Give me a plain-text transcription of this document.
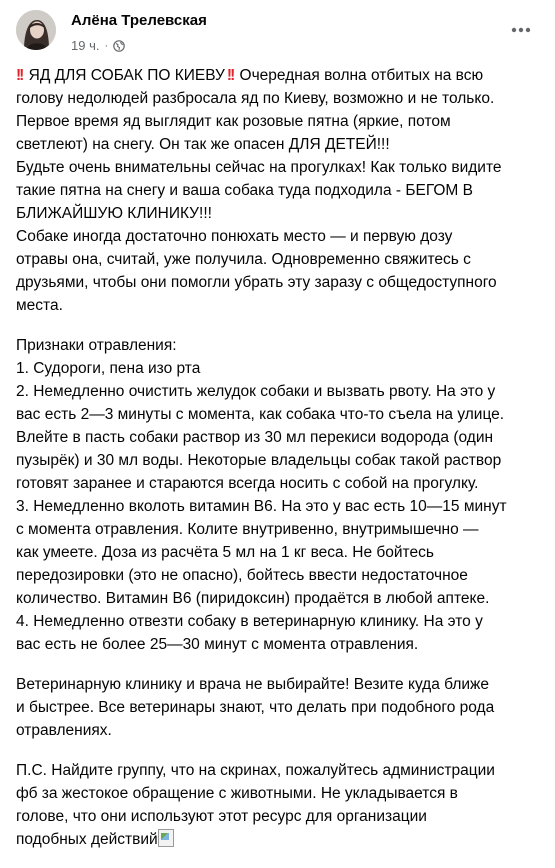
Алёна Трелевская
19 ч. ·

!! ЯД ДЛЯ СОБАК ПО КИЕВУ !! Очередная волна отбитых на всю
голову недолюдей разбросала яд по Киеву, возможно и не только.
Первое время яд выглядит как розовые пятна (яркие, потом
светлеют) на снегу. Он так же опасен ДЛЯ ДЕТЕЙ!!!
Будьте очень внимательны сейчас на прогулках! Как только видите
такие пятна на снегу и ваша собака туда подходила - БЕГОМ В
БЛИЖАЙШУЮ КЛИНИКУ!!!
Собаке иногда достаточно понюхать место — и первую дозу
отравы она, считай, уже получила. Одновременно свяжитесь с
друзьями, чтобы они помогли убрать эту заразу с общедоступного
места.

Признаки отравления:
1. Судороги, пена изо рта
2. Немедленно очистить желудок собаки и вызвать рвоту. На это у
вас есть 2—3 минуты с момента, как собака что-то съела на улице.
Влейте в пасть собаки раствор из 30 мл перекиси водорода (один
пузырёк) и 30 мл воды. Некоторые владельцы собак такой раствор
готовят заранее и стараются всегда носить с собой на прогулку.
3. Немедленно вколоть витамин В6. На это у вас есть 10—15 минут
с момента отравления. Колите внутривенно, внутримышечно —
как умеете. Доза из расчёта 5 мл на 1 кг веса. Не бойтесь
передозировки (это не опасно), бойтесь ввести недостаточное
количество. Витамин В6 (пиридоксин) продаётся в любой аптеке.
4. Немедленно отвезти собаку в ветеринарную клинику. На это у
вас есть не более 25—30 минут с момента отравления.

Ветеринарную клинику и врача не выбирайте! Везите куда ближе
и быстрее. Все ветеринары знают, что делать при подобного рода
отравлениях.

П.С. Найдите группу, что на скринах, пожалуйтесь администрации
фб за жестокое обращение с животными. Не укладывается в
голове, что они используют этот ресурс для организации
подобных действий
